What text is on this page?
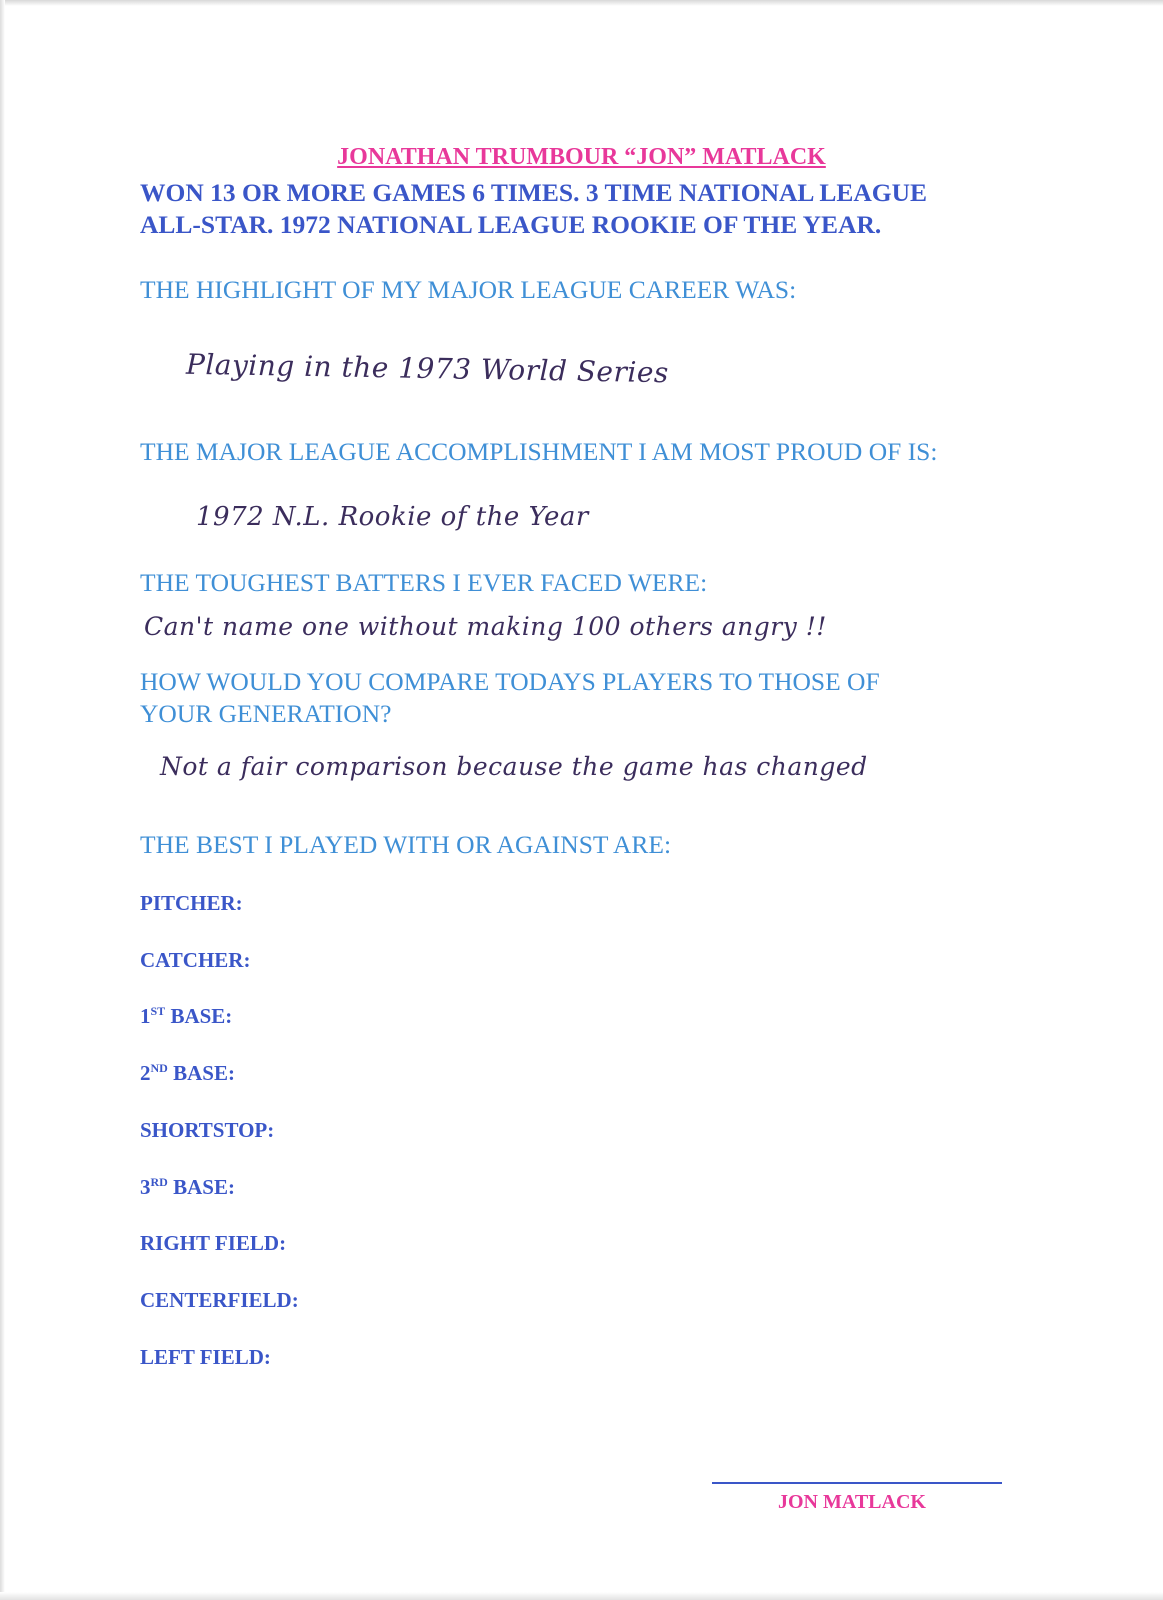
JONATHAN TRUMBOUR “JON” MATLACK
WON 13 OR MORE GAMES 6 TIMES. 3 TIME NATIONAL LEAGUE
ALL-STAR. 1972 NATIONAL LEAGUE ROOKIE OF THE YEAR.
THE HIGHLIGHT OF MY MAJOR LEAGUE CAREER WAS:
Playing in the 1973 World Series
THE MAJOR LEAGUE ACCOMPLISHMENT I AM MOST PROUD OF IS:
1972 N.L. Rookie of the Year
THE TOUGHEST BATTERS I EVER FACED WERE:
Can't name one without making 100 others angry !!
HOW WOULD YOU COMPARE TODAYS PLAYERS TO THOSE OF
YOUR GENERATION?
Not a fair comparison because the game has changed
THE BEST I PLAYED WITH OR AGAINST ARE:
PITCHER:
CATCHER:
1ST BASE:
2ND BASE:
SHORTSTOP:
3RD BASE:
RIGHT FIELD:
CENTERFIELD:
LEFT FIELD:
JON MATLACK
